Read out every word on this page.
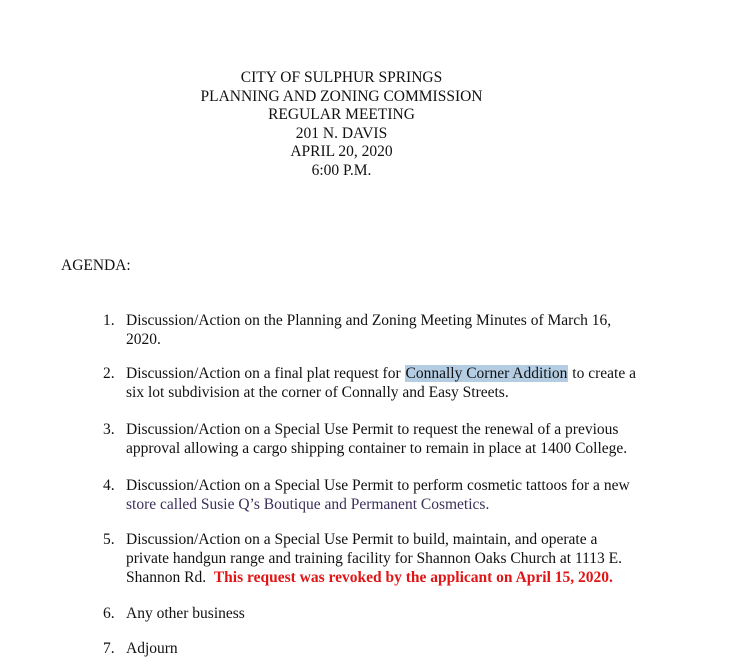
CITY OF SULPHUR SPRINGS
PLANNING AND ZONING COMMISSION
REGULAR MEETING
201 N. DAVIS
APRIL 20, 2020
6:00 P.M.
AGENDA:
1. Discussion/Action on the Planning and Zoning Meeting Minutes of March 16,
2020.
2. Discussion/Action on a final plat request for Connally Corner Addition to create a
six lot subdivision at the corner of Connally and Easy Streets.
3. Discussion/Action on a Special Use Permit to request the renewal of a previous
approval allowing a cargo shipping container to remain in place at 1400 College.
4. Discussion/Action on a Special Use Permit to perform cosmetic tattoos for a new
store called Susie Q’s Boutique and Permanent Cosmetics.
5. Discussion/Action on a Special Use Permit to build, maintain, and operate a
private handgun range and training facility for Shannon Oaks Church at 1113 E.
Shannon Rd.  This request was revoked by the applicant on April 15, 2020.
6. Any other business
7. Adjourn
